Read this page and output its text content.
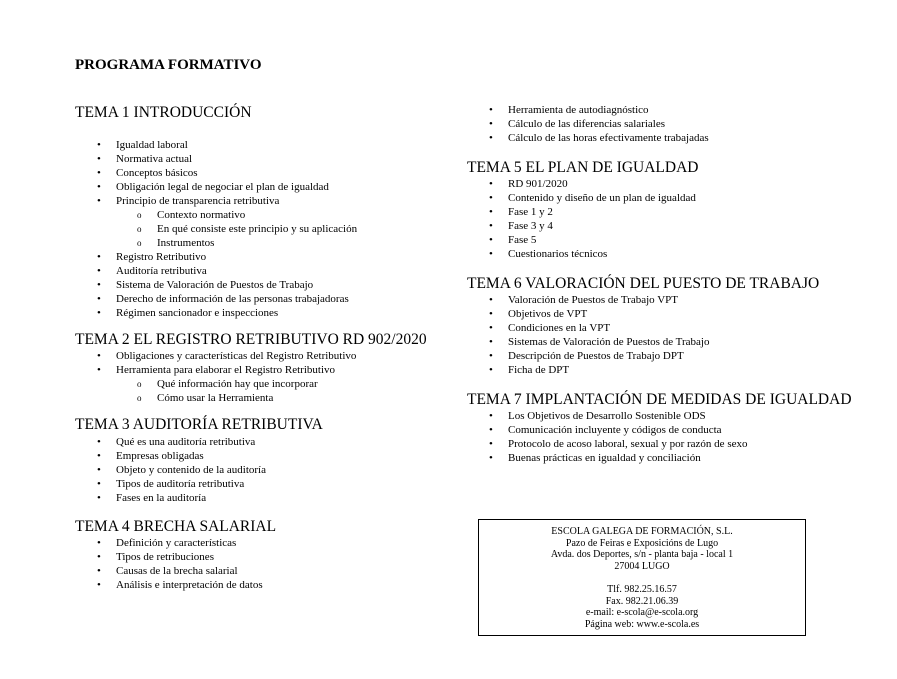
PROGRAMA FORMATIVO
TEMA 1 INTRODUCCIÓN
• Igualdad laboral
• Normativa actual
• Conceptos básicos
• Obligación legal de negociar el plan de igualdad
• Principio de transparencia retributiva
o Contexto normativo
o En qué consiste este principio y su aplicación
o Instrumentos
• Registro Retributivo
• Auditoría retributiva
• Sistema de Valoración de Puestos de Trabajo
• Derecho de información de las personas trabajadoras
• Régimen sancionador e inspecciones
TEMA 2 EL REGISTRO RETRIBUTIVO RD 902/2020
• Obligaciones y características del Registro Retributivo
• Herramienta para elaborar el Registro Retributivo
o Qué información hay que incorporar
o Cómo usar la Herramienta
TEMA 3 AUDITORÍA RETRIBUTIVA
• Qué es una auditoría retributiva
• Empresas obligadas
• Objeto y contenido de la auditoría
• Tipos de auditoría retributiva
• Fases en la auditoría
TEMA 4 BRECHA SALARIAL
• Definición y características
• Tipos de retribuciones
• Causas de la brecha salarial
• Análisis e interpretación de datos
• Herramienta de autodiagnóstico
• Cálculo de las diferencias salariales
• Cálculo de las horas efectivamente trabajadas
TEMA 5 EL PLAN DE IGUALDAD
• RD 901/2020
• Contenido y diseño de un plan de igualdad
• Fase 1 y 2
• Fase 3 y 4
• Fase 5
• Cuestionarios técnicos
TEMA 6 VALORACIÓN DEL PUESTO DE TRABAJO
• Valoración de Puestos de Trabajo VPT
• Objetivos de VPT
• Condiciones en la VPT
• Sistemas de Valoración de Puestos de Trabajo
• Descripción de Puestos de Trabajo DPT
• Ficha de DPT
TEMA 7 IMPLANTACIÓN DE MEDIDAS DE IGUALDAD
• Los Objetivos de Desarrollo Sostenible ODS
• Comunicación incluyente y códigos de conducta
• Protocolo de acoso laboral, sexual y por razón de sexo
• Buenas prácticas en igualdad y conciliación
ESCOLA GALEGA DE FORMACIÓN, S.L.
Pazo de Feiras e Exposicións de Lugo
Avda. dos Deportes, s/n - planta baja - local 1
27004 LUGO
Tlf. 982.25.16.57
Fax. 982.21.06.39
e-mail: e-scola@e-scola.org
Página web: www.e-scola.es
